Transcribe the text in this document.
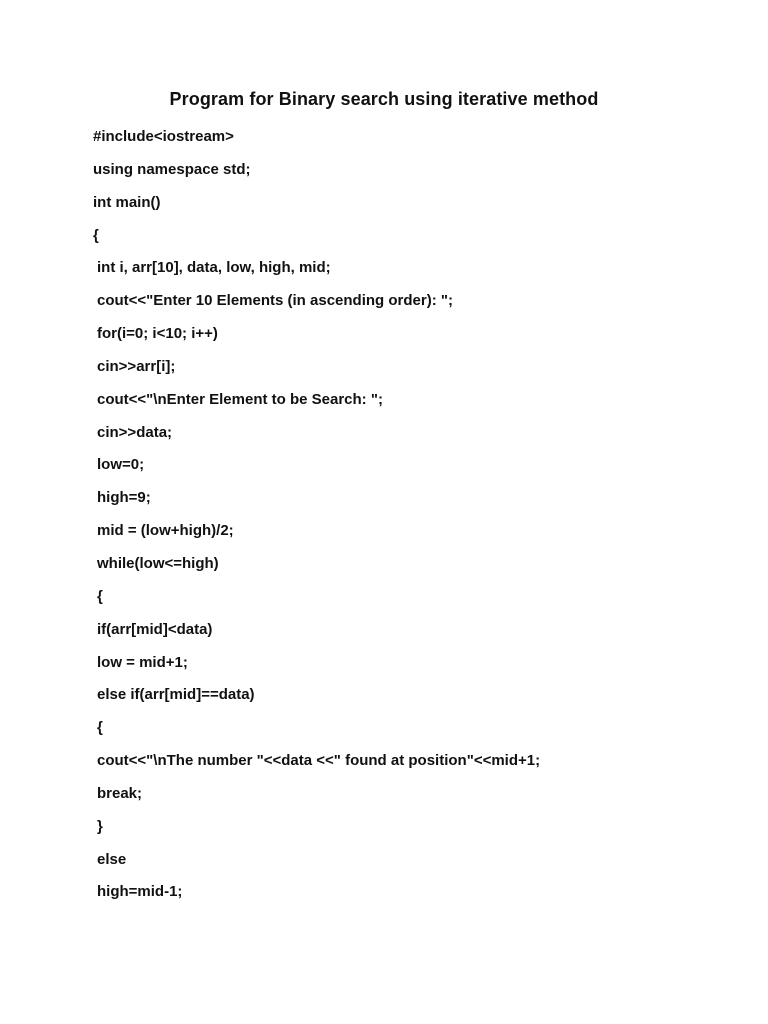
Program for Binary search using iterative method
#include<iostream>
using namespace std;
int main()
{
int i, arr[10], data, low, high, mid;
cout<<"Enter 10 Elements (in ascending order): ";
for(i=0; i<10; i++)
cin>>arr[i];
cout<<"\nEnter Element to be Search: ";
cin>>data;
low=0;
high=9;
mid = (low+high)/2;
while(low<=high)
{
if(arr[mid]<data)
low = mid+1;
else if(arr[mid]==data)
{
cout<<"\nThe number "<<data <<" found at position"<<mid+1;
break;
}
else
high=mid-1;
